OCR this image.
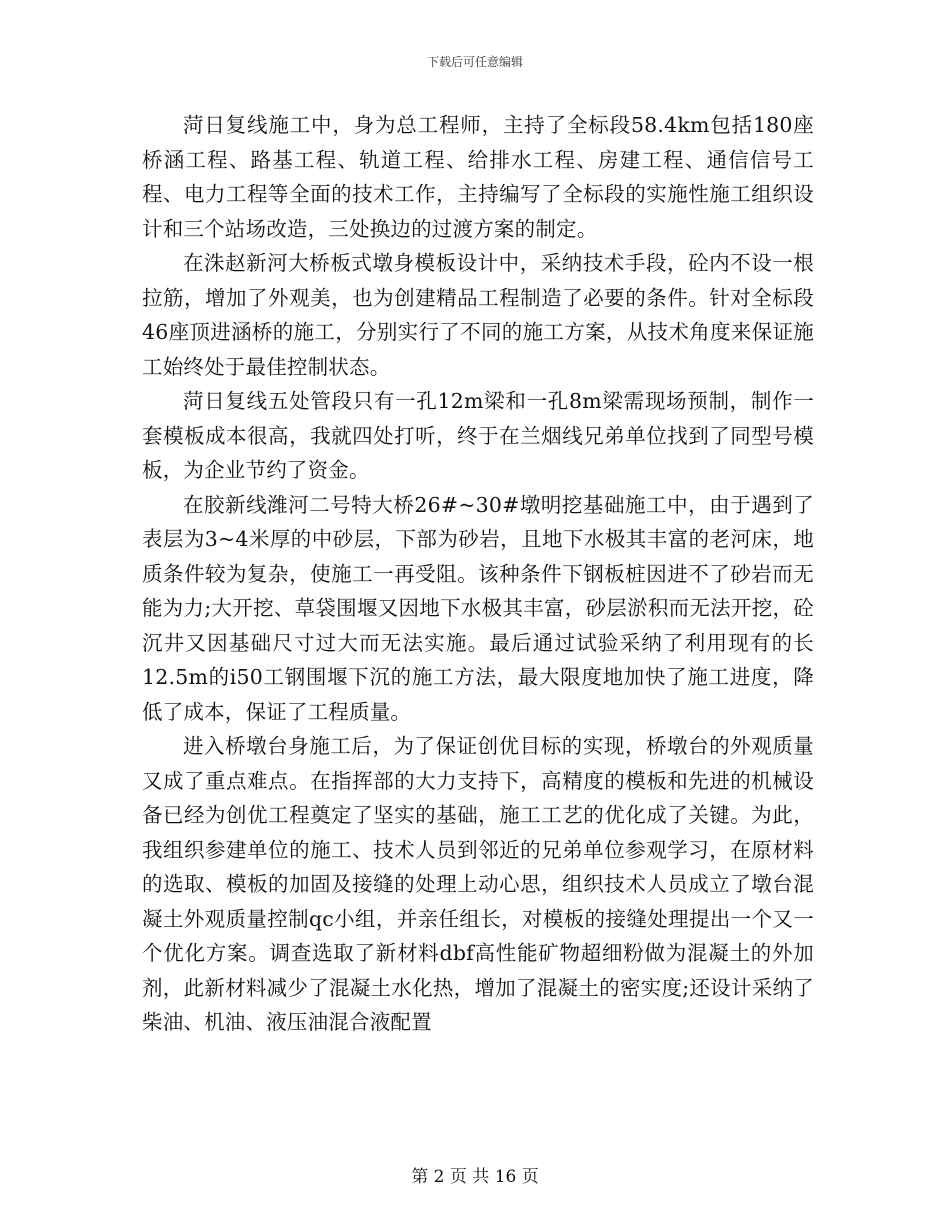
下载后可任意编辑

菏日复线施工中，身为总工程师，主持了全标段58.4km包括180座桥涵工程、路基工程、轨道工程、给排水工程、房建工程、通信信号工程、电力工程等全面的技术工作，主持编写了全标段的实施性施工组织设计和三个站场改造，三处换边的过渡方案的制定。

在洙赵新河大桥板式墩身模板设计中，采纳技术手段，砼内不设一根拉筋，增加了外观美，也为创建精品工程制造了必要的条件。针对全标段46座顶进涵桥的施工，分别实行了不同的施工方案，从技术角度来保证施工始终处于最佳控制状态。

菏日复线五处管段只有一孔12m梁和一孔8m梁需现场预制，制作一套模板成本很高，我就四处打听，终于在兰烟线兄弟单位找到了同型号模板，为企业节约了资金。

在胶新线潍河二号特大桥26#~30#墩明挖基础施工中，由于遇到了表层为3~4米厚的中砂层，下部为砂岩，且地下水极其丰富的老河床，地质条件较为复杂，使施工一再受阻。该种条件下钢板桩因进不了砂岩而无能为力;大开挖、草袋围堰又因地下水极其丰富，砂层淤积而无法开挖，砼沉井又因基础尺寸过大而无法实施。最后通过试验采纳了利用现有的长12.5m的i50工钢围堰下沉的施工方法，最大限度地加快了施工进度，降低了成本，保证了工程质量。

进入桥墩台身施工后，为了保证创优目标的实现，桥墩台的外观质量又成了重点难点。在指挥部的大力支持下，高精度的模板和先进的机械设备已经为创优工程奠定了坚实的基础，施工工艺的优化成了关键。为此，我组织参建单位的施工、技术人员到邻近的兄弟单位参观学习，在原材料的选取、模板的加固及接缝的处理上动心思，组织技术人员成立了墩台混凝土外观质量控制qc小组，并亲任组长，对模板的接缝处理提出一个又一个优化方案。调查选取了新材料dbf高性能矿物超细粉做为混凝土的外加剂，此新材料减少了混凝土水化热，增加了混凝土的密实度;还设计采纳了柴油、机油、液压油混合液配置

第 2 页 共 16 页
